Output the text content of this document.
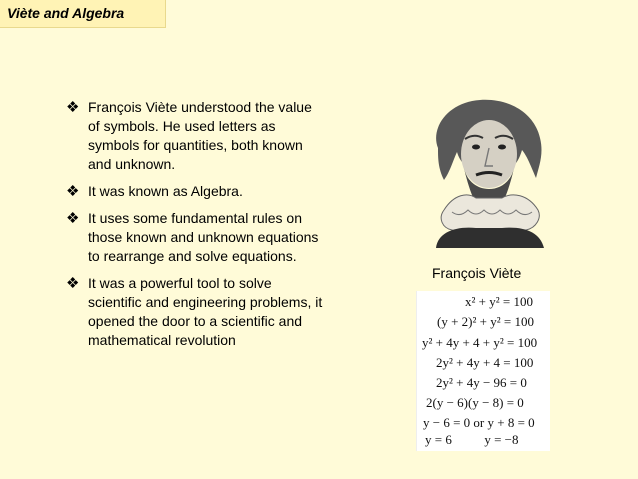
Viète and Algebra
❖ François Viète understood the value of symbols. He used letters as symbols for quantities, both known and unknown.
❖ It was known as Algebra.
❖ It uses some fundamental rules on those known and unknown equations to rearrange and solve equations.
❖ It was a powerful tool to solve scientific and engineering problems, it opened the door to a scientific and mathematical revolution
François Viète
x² + y² = 100
(y + 2)² + y² = 100
y² + 4y + 4 + y² = 100
2y² + 4y + 4 = 100
2y² + 4y − 96 = 0
2(y − 6)(y − 8) = 0
y − 6 = 0 or y + 8 = 0
y = 6          y = −8
